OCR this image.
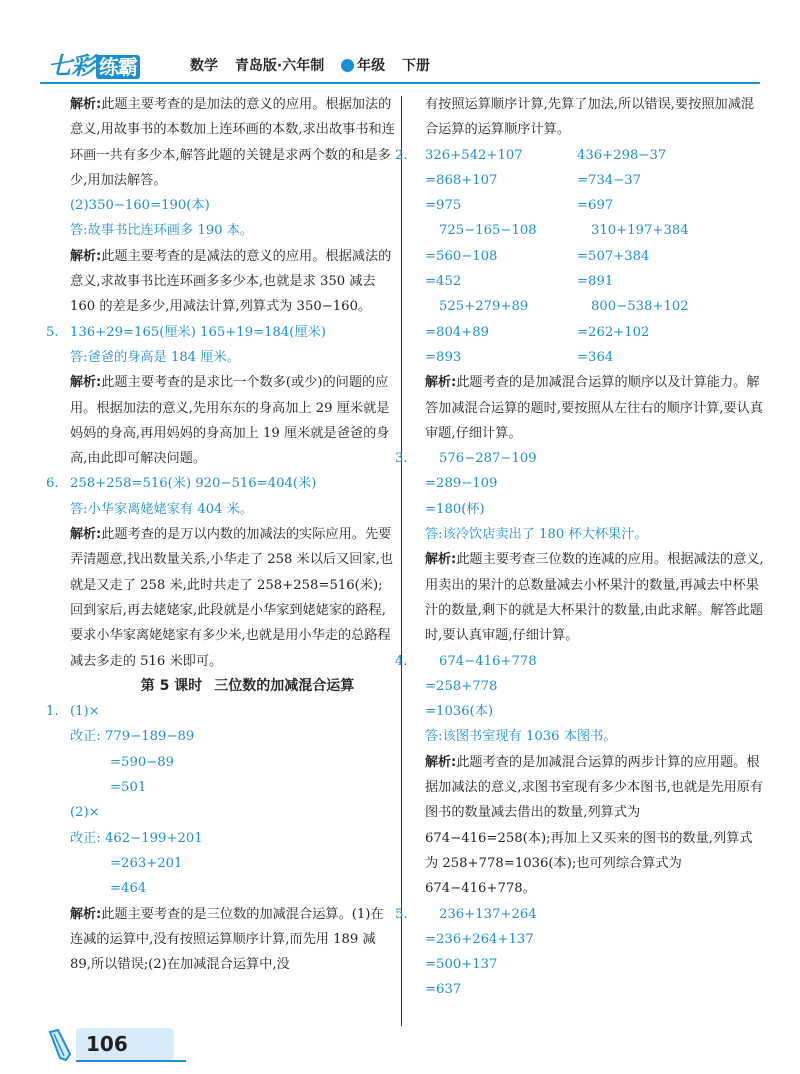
七彩 练霸	数学 青岛版·六年制 年级 下册

解析:此题主要考查的是加法的意义的应用。根据加法的意义,用故事书的本数加上连环画的本数,求出故事书和连环画一共有多少本,解答此题的关键是求两个数的和是多少,用加法解答。

(2)350−160=190(本)

答:故事书比连环画多 190 本。

解析:此题主要考查的是减法的意义的应用。根据减法的意义,求故事书比连环画多多少本,也就是求 350 减去 160 的差是多少,用减法计算,列算式为 350−160。

5. 136+29=165(厘米) 165+19=184(厘米)

答:爸爸的身高是 184 厘米。

解析:此题主要考查的是求比一个数多(或少)的问题的应用。根据加法的意义,先用东东的身高加上 29 厘米就是妈妈的身高,再用妈妈的身高加上 19 厘米就是爸爸的身高,由此即可解决问题。

6. 258+258=516(米) 920−516=404(米)

答:小华家离姥姥家有 404 米。

解析:此题考查的是万以内数的加减法的实际应用。先要弄清题意,找出数量关系,小华走了 258 米以后又回家,也就是又走了 258 米,此时共走了 258+258=516(米);回到家后,再去姥姥家,此段就是小华家到姥姥家的路程,要求小华家离姥姥家有多少米,也就是用小华走的总路程减去多走的 516 米即可。

第 5 课时 三位数的加减混合运算

1. (1)×

改正: 779−189−89

=590−89

=501

(2)×

改正: 462−199+201

=263+201

=464

解析:此题主要考查的是三位数的加减混合运算。(1)在连减的运算中,没有按照运算顺序计算,而先用 189 减 89,所以错误;(2)在加减混合运算中,没

有按照运算顺序计算,先算了加法,所以错误,要按照加减混合运算的运算顺序计算。

2.	326+542+107	436+298−37

=868+107	=734−37

=975	=697

725−165−108	310+197+384

=560−108	=507+384

=452	=891

525+279+89	800−538+102

=804+89	=262+102

=893	=364

解析:此题考查的是加减混合运算的顺序以及计算能力。解答加减混合运算的题时,要按照从左往右的顺序计算,要认真审题,仔细计算。

3. 576−287−109

=289−109

=180(杯)

答:该冷饮店卖出了 180 杯大杯果汁。

解析:此题主要考查三位数的连减的应用。根据减法的意义,用卖出的果汁的总数量减去小杯果汁的数量,再减去中杯果汁的数量,剩下的就是大杯果汁的数量,由此求解。解答此题时,要认真审题,仔细计算。

4. 674−416+778

=258+778

=1036(本)

答:该图书室现有 1036 本图书。

解析:此题考查的是加减混合运算的两步计算的应用题。根据加减法的意义,求图书室现有多少本图书,也就是先用原有图书的数量减去借出的数量,列算式为 674−416=258(本);再加上又买来的图书的数量,列算式为 258+778=1036(本);也可列综合算式为 674−416+778。

5. 236+137+264

=236+264+137

=500+137

=637

106
